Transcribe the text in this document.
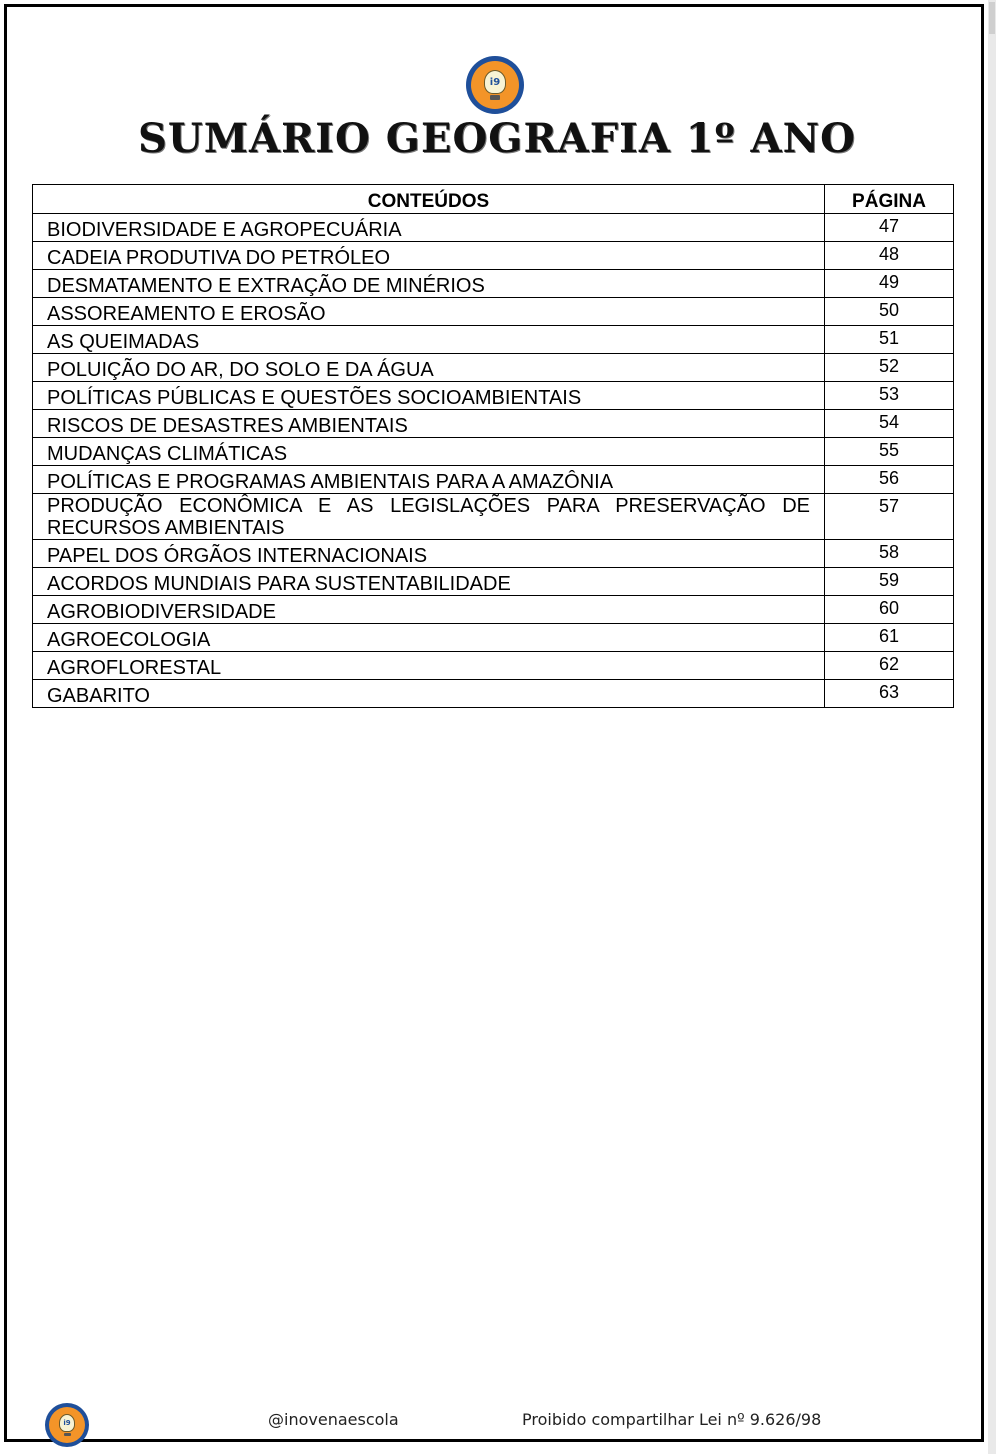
i9
SUMÁRIO GEOGRAFIA 1º ANO
CONTEÚDOS	PÁGINA
BIODIVERSIDADE E AGROPECUÁRIA	47
CADEIA PRODUTIVA DO PETRÓLEO	48
DESMATAMENTO E EXTRAÇÃO DE MINÉRIOS	49
ASSOREAMENTO E EROSÃO	50
AS QUEIMADAS	51
POLUIÇÃO DO AR, DO SOLO E DA ÁGUA	52
POLÍTICAS PÚBLICAS E QUESTÕES SOCIOAMBIENTAIS	53
RISCOS DE DESASTRES AMBIENTAIS	54
MUDANÇAS CLIMÁTICAS	55
POLÍTICAS E PROGRAMAS AMBIENTAIS PARA A AMAZÔNIA	56
PRODUÇÃO ECONÔMICA E AS LEGISLAÇÕES PARA PRESERVAÇÃO DE RECURSOS AMBIENTAIS	57
PAPEL DOS ÓRGÃOS INTERNACIONAIS	58
ACORDOS MUNDIAIS PARA SUSTENTABILIDADE	59
AGROBIODIVERSIDADE	60
AGROECOLOGIA	61
AGROFLORESTAL	62
GABARITO	63
i9	@inovenaescola	Proibido compartilhar Lei nº 9.626/98
